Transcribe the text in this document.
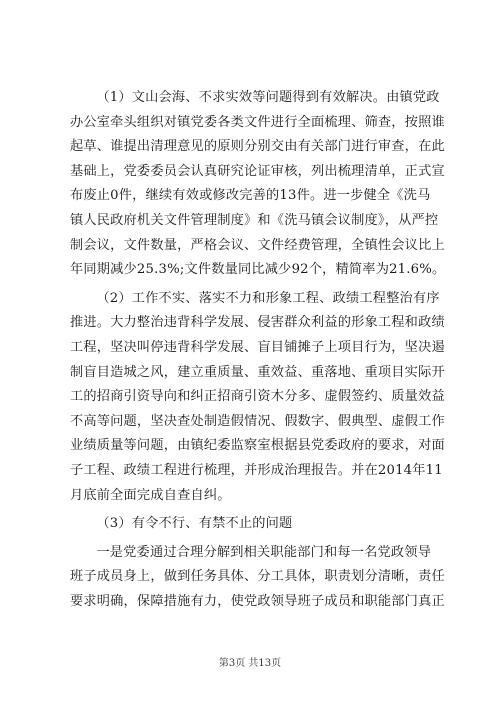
（1）文山会海、不求实效等问题得到有效解决。由镇党政
办公室牵头组织对镇党委各类文件进行全面梳理、筛查，按照谁
起草、谁提出清理意见的原则分别交由有关部门进行审查，在此
基础上，党委委员会认真研究论证审核，列出梳理清单，正式宣
布废止0件，继续有效或修改完善的13件。进一步健全《洗马
镇人民政府机关文件管理制度》和《洗马镇会议制度》，从严控
制会议，文件数量，严格会议、文件经费管理，全镇性会议比上
年同期减少25.3%;文件数量同比减少92个，精简率为21.6%。

（2）工作不实、落实不力和形象工程、政绩工程整治有序
推进。大力整治违背科学发展、侵害群众利益的形象工程和政绩
工程，坚决叫停违背科学发展、盲目铺摊子上项目行为，坚决遏
制盲目造城之风，建立重质量、重效益、重落地、重项目实际开
工的招商引资导向和纠正招商引资木分多、虚假签约、质量效益
不高等问题，坚决查处制造假情况、假数字、假典型、虚假工作
业绩质量等问题，由镇纪委监察室根据县党委政府的要求，对面
子工程、政绩工程进行梳理，并形成治理报告。并在2014年11
月底前全面完成自查自纠。

（3）有令不行、有禁不止的问题

一是党委通过合理分解到相关职能部门和每一名党政领导
班子成员身上，做到任务具体、分工具体，职责划分清晰，责任
要求明确，保障措施有力，使党政领导班子成员和职能部门真正

第3页 共13页
